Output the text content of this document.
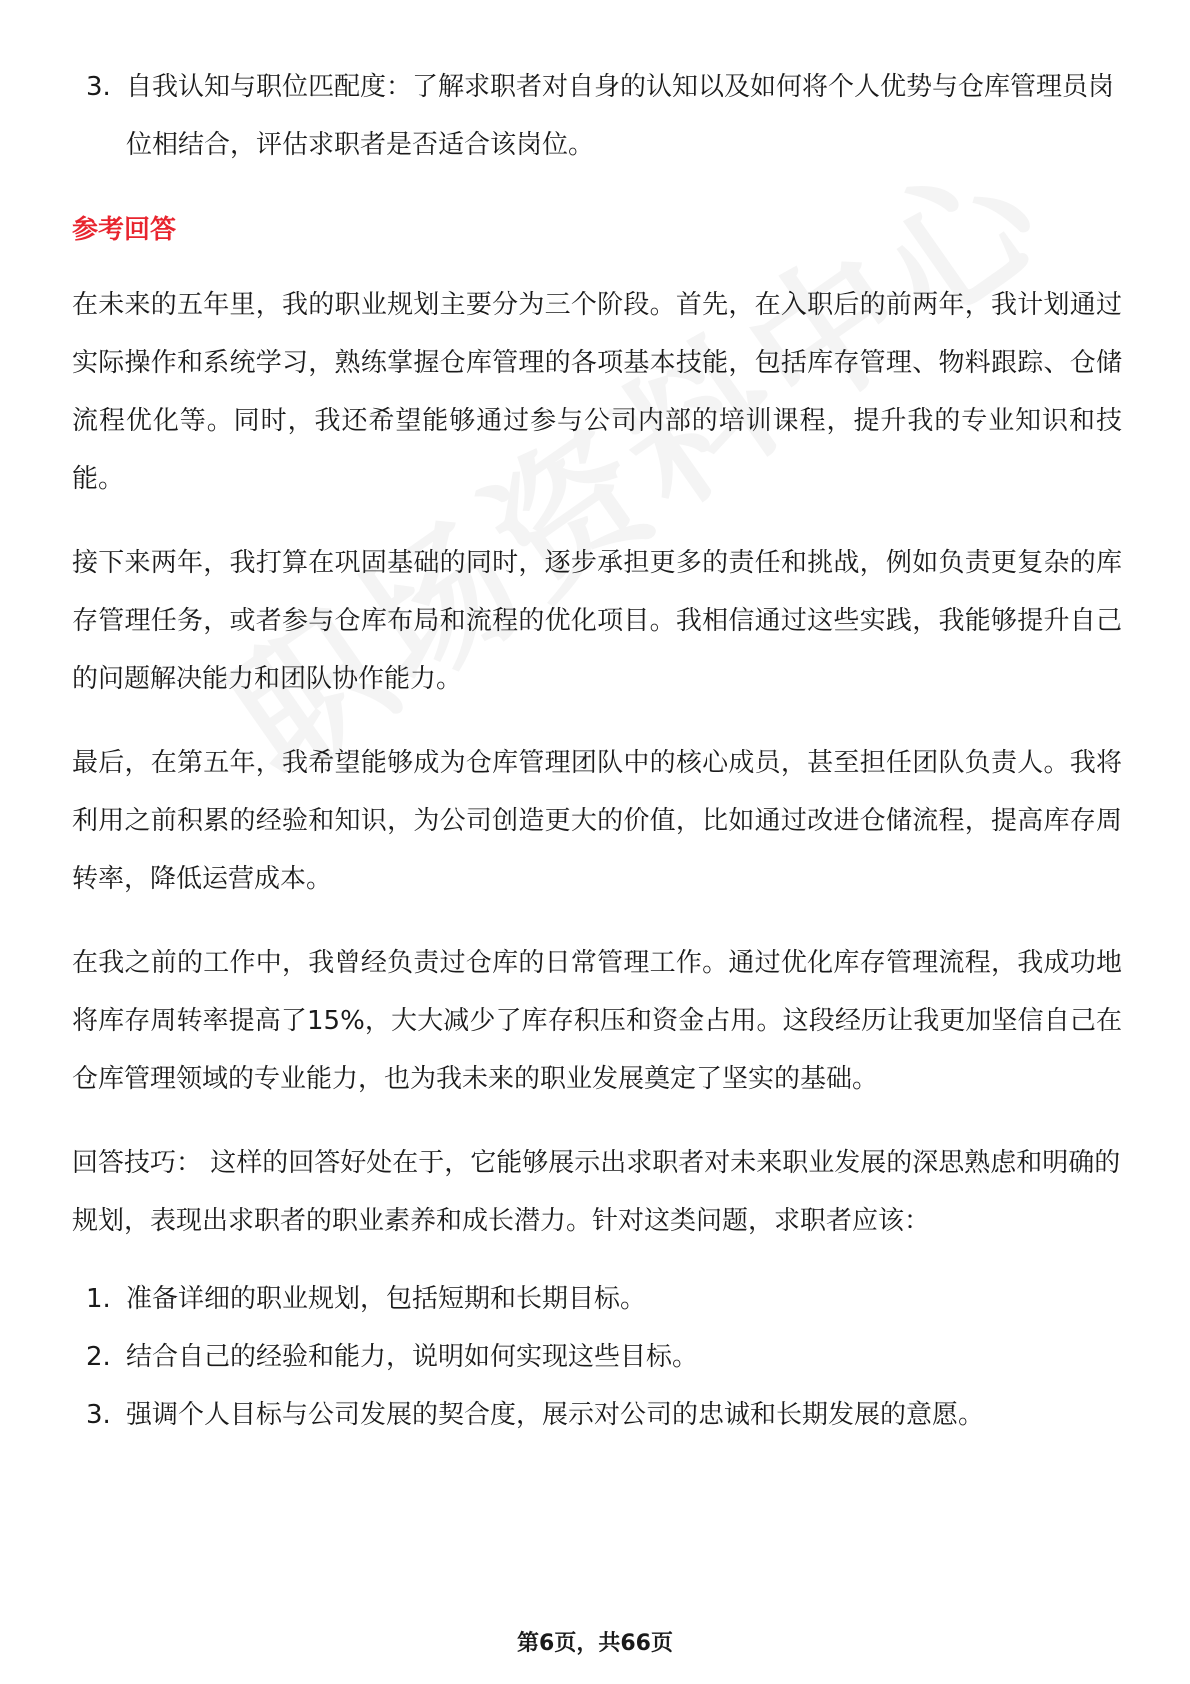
3. 自我认知与职位匹配度：了解求职者对自身的认知以及如何将个人优势与仓库管理员岗位相结合，评估求职者是否适合该岗位。
参考回答

在未来的五年里，我的职业规划主要分为三个阶段。首先，在入职后的前两年，我计划通过实际操作和系统学习，熟练掌握仓库管理的各项基本技能，包括库存管理、物料跟踪、仓储流程优化等。同时，我还希望能够通过参与公司内部的培训课程，提升我的专业知识和技能。

接下来两年，我打算在巩固基础的同时，逐步承担更多的责任和挑战，例如负责更复杂的库存管理任务，或者参与仓库布局和流程的优化项目。我相信通过这些实践，我能够提升自己的问题解决能力和团队协作能力。

最后，在第五年，我希望能够成为仓库管理团队中的核心成员，甚至担任团队负责人。我将利用之前积累的经验和知识，为公司创造更大的价值，比如通过改进仓储流程，提高库存周转率，降低运营成本。

在我之前的工作中，我曾经负责过仓库的日常管理工作。通过优化库存管理流程，我成功地将库存周转率提高了15%，大大减少了库存积压和资金占用。这段经历让我更加坚信自己在仓库管理领域的专业能力，也为我未来的职业发展奠定了坚实的基础。

回答技巧： 这样的回答好处在于，它能够展示出求职者对未来职业发展的深思熟虑和明确的规划，表现出求职者的职业素养和成长潜力。针对这类问题，求职者应该：

1. 准备详细的职业规划，包括短期和长期目标。
2. 结合自己的经验和能力，说明如何实现这些目标。
3. 强调个人目标与公司发展的契合度，展示对公司的忠诚和长期发展的意愿。
第6页，共66页
